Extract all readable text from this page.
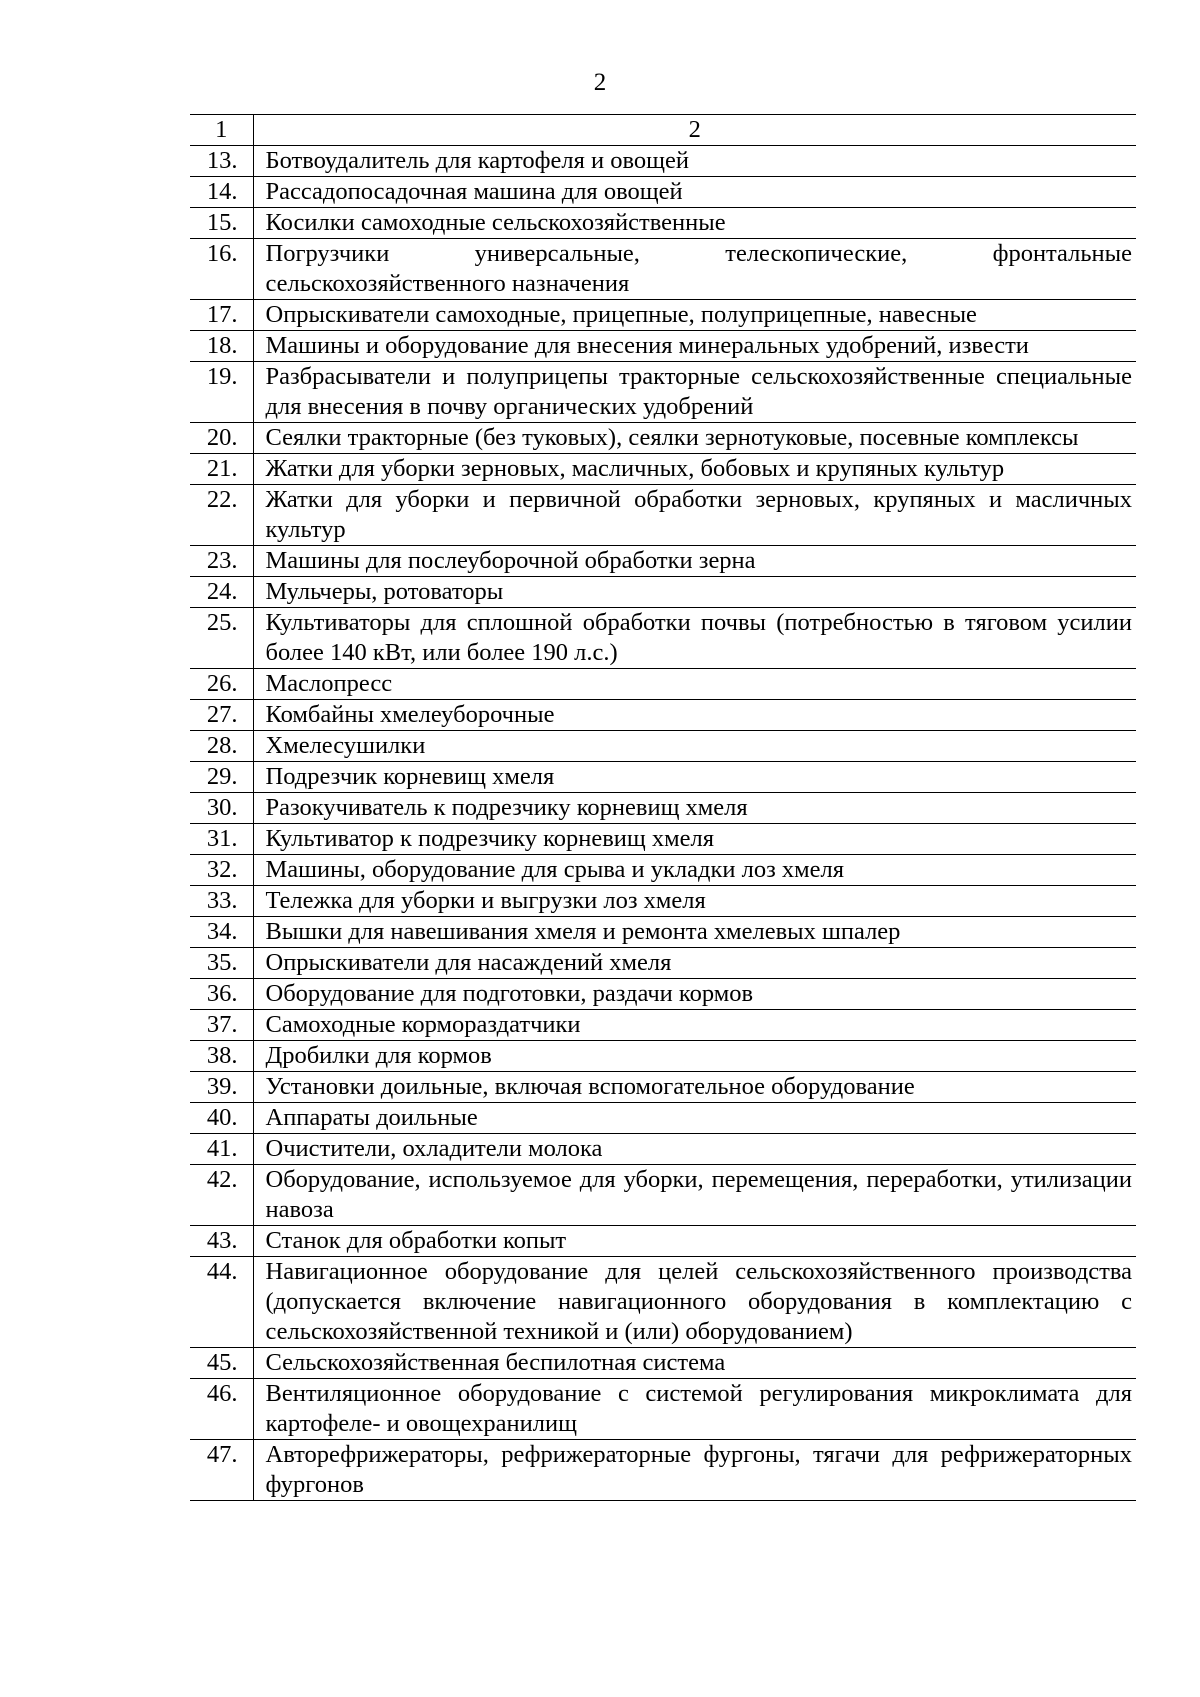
2
1	2
13.	Ботвоудалитель для картофеля и овощей
14.	Рассадопосадочная машина для овощей
15.	Косилки самоходные сельскохозяйственные
16.	Погрузчики универсальные, телескопические, фронтальные сельскохозяйственного назначения
17.	Опрыскиватели самоходные, прицепные, полуприцепные, навесные
18.	Машины и оборудование для внесения минеральных удобрений, извести
19.	Разбрасыватели и полуприцепы тракторные сельскохозяйственные специальные для внесения в почву органических удобрений
20.	Сеялки тракторные (без туковых), сеялки зернотуковые, посевные комплексы
21.	Жатки для уборки зерновых, масличных, бобовых и крупяных культур
22.	Жатки для уборки и первичной обработки зерновых, крупяных и масличных культур
23.	Машины для послеуборочной обработки зерна
24.	Мульчеры, ротоваторы
25.	Культиваторы для сплошной обработки почвы (потребностью в тяговом усилии более 140 кВт, или более 190 л.с.)
26.	Маслопресс
27.	Комбайны хмелеуборочные
28.	Хмелесушилки
29.	Подрезчик корневищ хмеля
30.	Разокучиватель к подрезчику корневищ хмеля
31.	Культиватор к подрезчику корневищ хмеля
32.	Машины, оборудование для срыва и укладки лоз хмеля
33.	Тележка для уборки и выгрузки лоз хмеля
34.	Вышки для навешивания хмеля и ремонта хмелевых шпалер
35.	Опрыскиватели для насаждений хмеля
36.	Оборудование для подготовки, раздачи кормов
37.	Самоходные кормораздатчики
38.	Дробилки для кормов
39.	Установки доильные, включая вспомогательное оборудование
40.	Аппараты доильные
41.	Очистители, охладители молока
42.	Оборудование, используемое для уборки, перемещения, переработки, утилизации навоза
43.	Станок для обработки копыт
44.	Навигационное оборудование для целей сельскохозяйственного производства (допускается включение навигационного оборудования в комплектацию с сельскохозяйственной техникой и (или) оборудованием)
45.	Сельскохозяйственная беспилотная система
46.	Вентиляционное оборудование с системой регулирования микроклимата для картофеле- и овощехранилищ
47.	Авторефрижераторы, рефрижераторные фургоны, тягачи для рефрижераторных фургонов
